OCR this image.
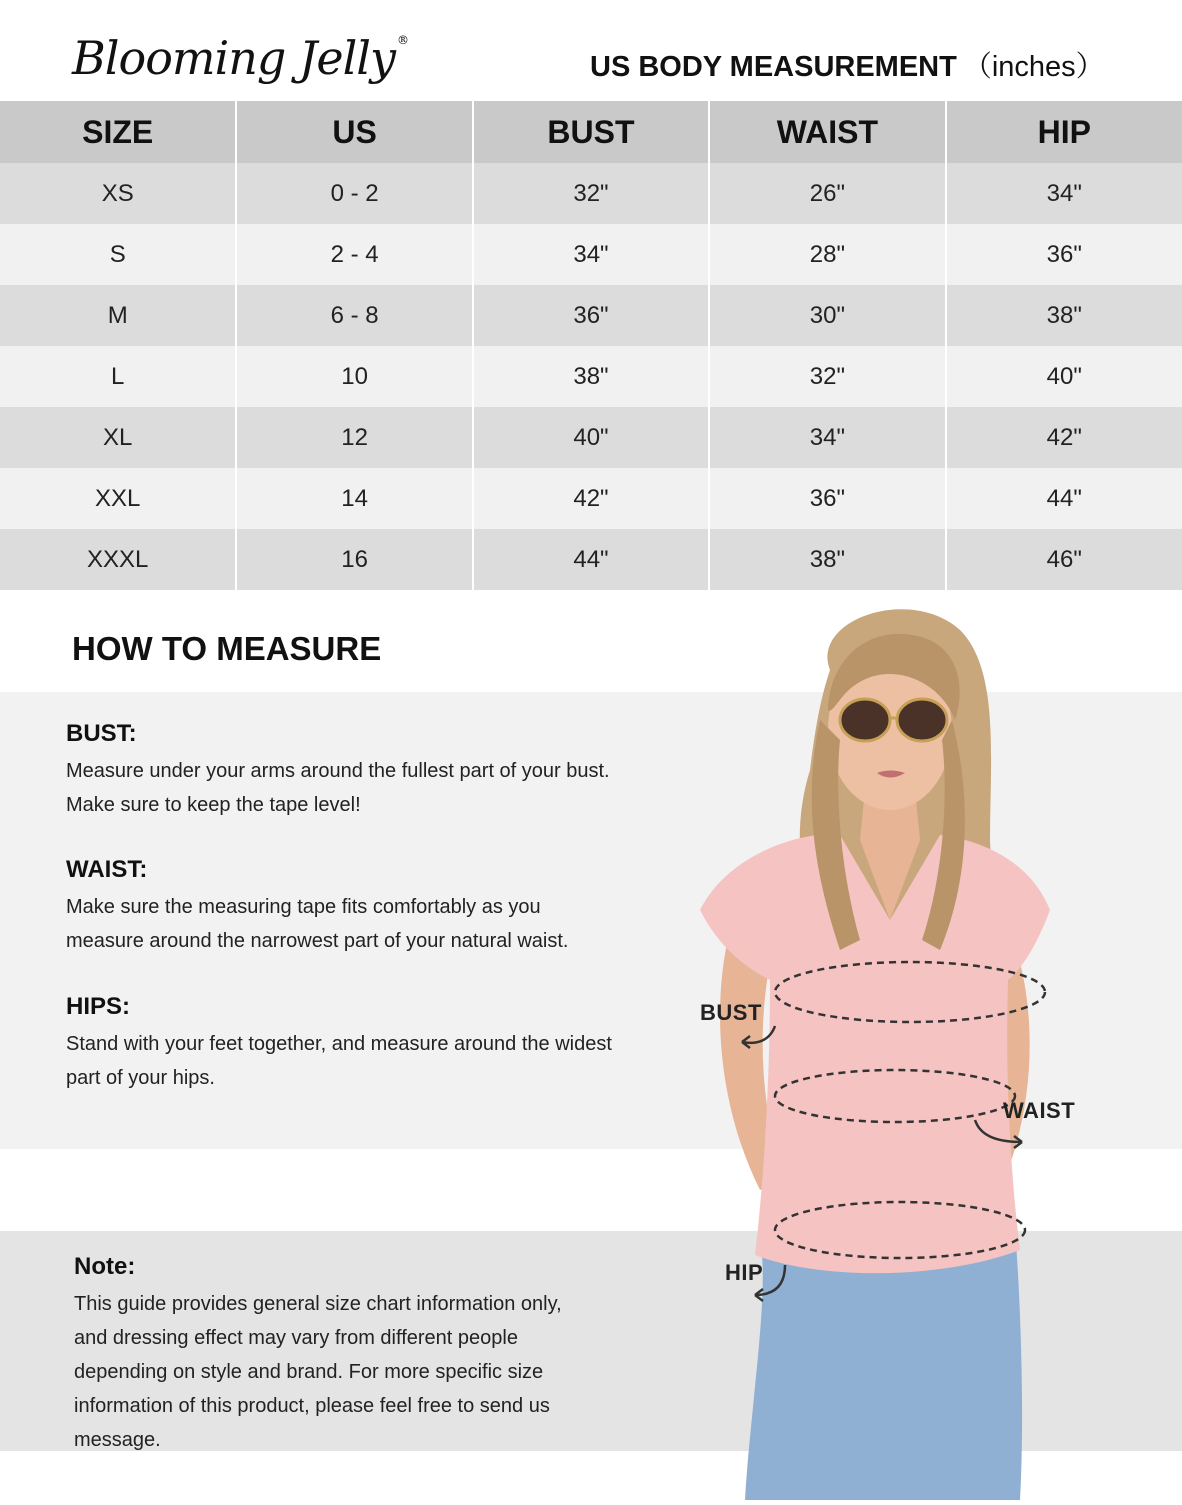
Blooming Jelly ®
US BODY MEASUREMENT （inches）
SIZE	US	BUST	WAIST	HIP
XS	0 - 2	32"	26"	34"
S	2 - 4	34"	28"	36"
M	6 - 8	36"	30"	38"
L	10	38"	32"	40"
XL	12	40"	34"	42"
XXL	14	42"	36"	44"
XXXL	16	44"	38"	46"
HOW TO MEASURE
BUST:
Measure under your arms around the fullest part of your bust.
Make sure to keep the tape level!
WAIST:
Make sure the measuring tape fits comfortably as you
measure around the narrowest part of your natural waist.
HIPS:
Stand with your feet together, and measure around the widest
part of your hips.
Note:
This guide provides general size chart information only,
and dressing effect may vary from different people
depending on style and brand. For more specific size
information of this product, please feel free to send us
message.
BUST
WAIST
HIP
